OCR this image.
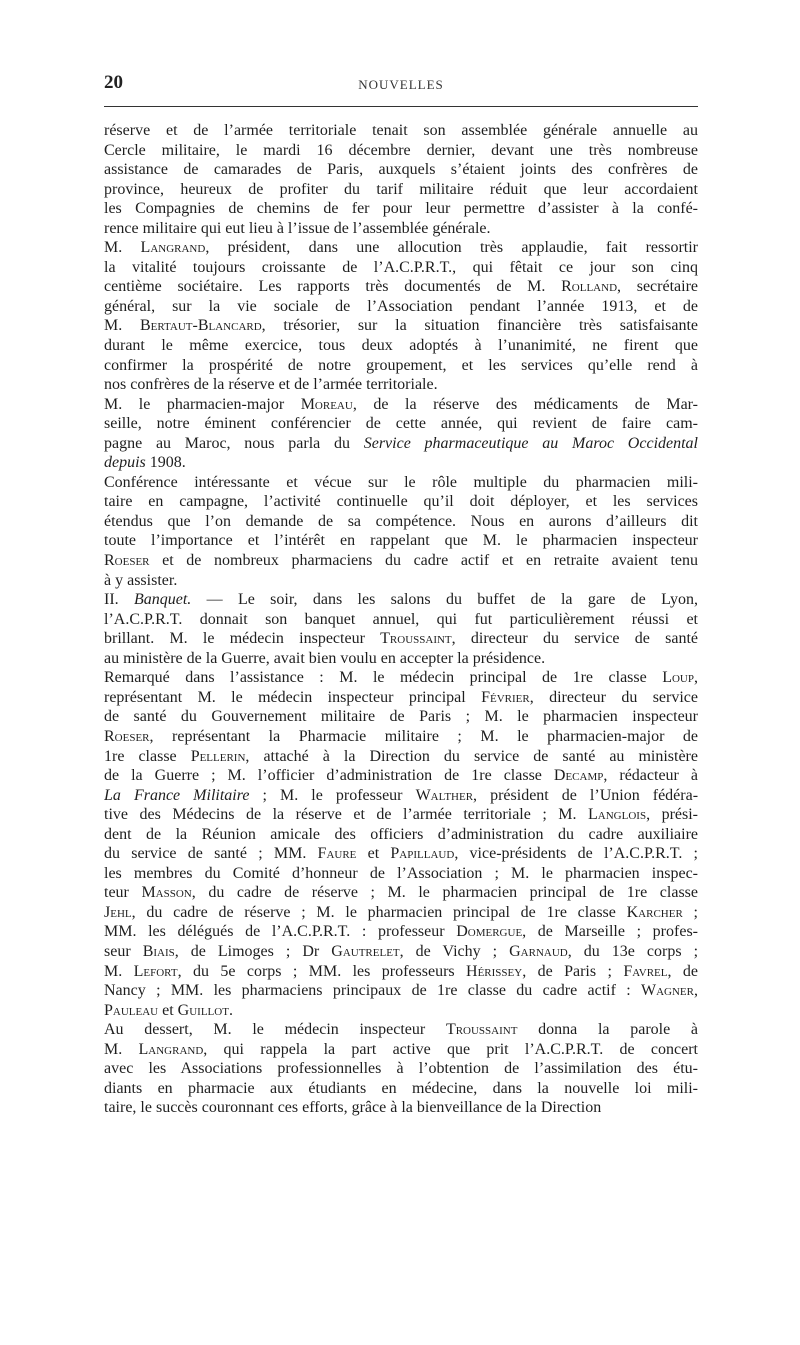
20	NOUVELLES
réserve et de l’armée territoriale tenait son assemblée générale annuelle au
Cercle militaire, le mardi 16 décembre dernier, devant une très nombreuse
assistance de camarades de Paris, auxquels s’étaient joints des confrères de
province, heureux de profiter du tarif militaire réduit que leur accordaient
les Compagnies de chemins de fer pour leur permettre d’assister à la confé-
rence militaire qui eut lieu à l’issue de l’assemblée générale.
M. Langrand, président, dans une allocution très applaudie, fait ressortir
la vitalité toujours croissante de l’A.C.P.R.T., qui fêtait ce jour son cinq
centième sociétaire. Les rapports très documentés de M. Rolland, secrétaire
général, sur la vie sociale de l’Association pendant l’année 1913, et de
M. Bertaut-Blancard, trésorier, sur la situation financière très satisfaisante
durant le même exercice, tous deux adoptés à l’unanimité, ne firent que
confirmer la prospérité de notre groupement, et les services qu’elle rend à
nos confrères de la réserve et de l’armée territoriale.
M. le pharmacien-major Moreau, de la réserve des médicaments de Mar-
seille, notre éminent conférencier de cette année, qui revient de faire cam-
pagne au Maroc, nous parla du Service pharmaceutique au Maroc Occidental
depuis 1908.
Conférence intéressante et vécue sur le rôle multiple du pharmacien mili-
taire en campagne, l’activité continuelle qu’il doit déployer, et les services
étendus que l’on demande de sa compétence. Nous en aurons d’ailleurs dit
toute l’importance et l’intérêt en rappelant que M. le pharmacien inspecteur
Roeser et de nombreux pharmaciens du cadre actif et en retraite avaient tenu
à y assister.
II. Banquet. — Le soir, dans les salons du buffet de la gare de Lyon,
l’A.C.P.R.T. donnait son banquet annuel, qui fut particulièrement réussi et
brillant. M. le médecin inspecteur Troussaint, directeur du service de santé
au ministère de la Guerre, avait bien voulu en accepter la présidence.
Remarqué dans l’assistance : M. le médecin principal de 1re classe Loup,
représentant M. le médecin inspecteur principal Février, directeur du service
de santé du Gouvernement militaire de Paris ; M. le pharmacien inspecteur
Roeser, représentant la Pharmacie militaire ; M. le pharmacien-major de
1re classe Pellerin, attaché à la Direction du service de santé au ministère
de la Guerre ; M. l’officier d’administration de 1re classe Decamp, rédacteur à
La France Militaire ; M. le professeur Walther, président de l’Union fédéra-
tive des Médecins de la réserve et de l’armée territoriale ; M. Langlois, prési-
dent de la Réunion amicale des officiers d’administration du cadre auxiliaire
du service de santé ; MM. Faure et Papillaud, vice-présidents de l’A.C.P.R.T. ;
les membres du Comité d’honneur de l’Association ; M. le pharmacien inspec-
teur Masson, du cadre de réserve ; M. le pharmacien principal de 1re classe
Jehl, du cadre de réserve ; M. le pharmacien principal de 1re classe Karcher ;
MM. les délégués de l’A.C.P.R.T. : professeur Domergue, de Marseille ; profes-
seur Biais, de Limoges ; Dr Gautrelet, de Vichy ; Garnaud, du 13e corps ;
M. Lefort, du 5e corps ; MM. les professeurs Hérissey, de Paris ; Favrel, de
Nancy ; MM. les pharmaciens principaux de 1re classe du cadre actif : Wagner,
Pauleau et Guillot.
Au dessert, M. le médecin inspecteur Troussaint donna la parole à
M. Langrand, qui rappela la part active que prit l’A.C.P.R.T. de concert
avec les Associations professionnelles à l’obtention de l’assimilation des étu-
diants en pharmacie aux étudiants en médecine, dans la nouvelle loi mili-
taire, le succès couronnant ces efforts, grâce à la bienveillance de la Direction
